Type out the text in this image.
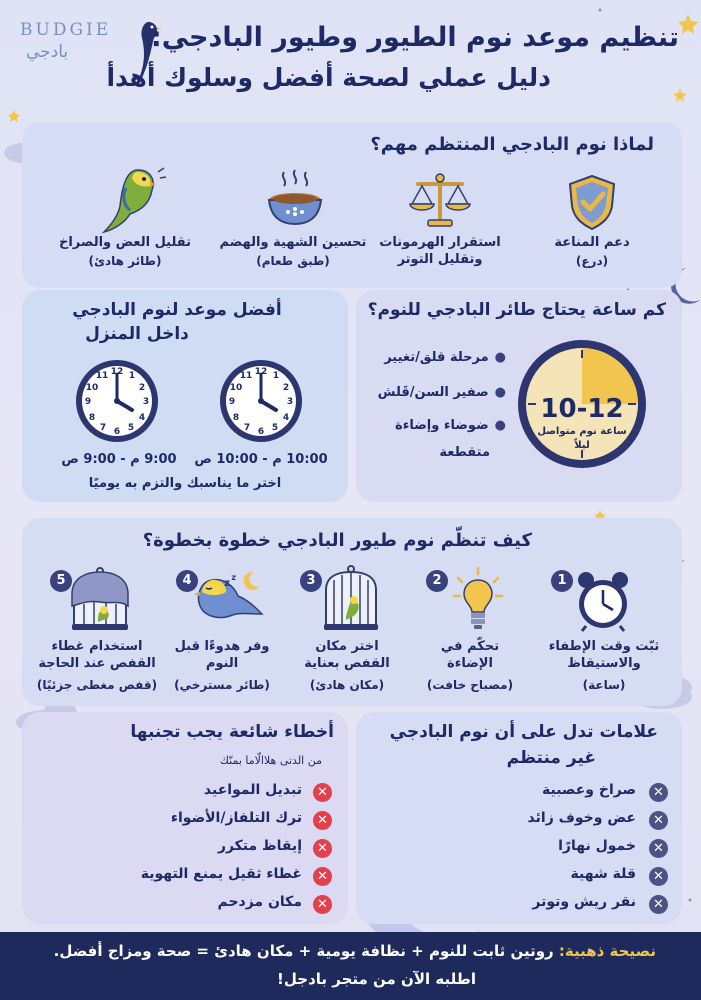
BUDGIE
بادجي	تنظيم موعد نوم الطيور وطيور البادجي:
دليل عملي لصحة أفضل وسلوك أهدأ
لماذا نوم البادجي المنتظم مهم؟
دعم المناعة
(درع)
استقرار الهرمونات وتقليل التوتر
تحسين الشهية والهضم
(طبق طعام)
تقليل العض والصراخ
(طائر هادئ)
كم ساعة يحتاج طائر البادجي للنوم؟
●مرحلة قلق/تغيير
●صفير السن/قَلش
●ضوضاء وإضاءة
متقطعة
10-12
ساعة نوم متواصل
ليلاً
أفضل موعد لنوم البادجي
داخل المنزل
12
3
6
9
1
2
4
5
7
8
10
11
12
3
6
9
1
2
4
5
7
8
10
11
10:00 م - 10:00 ص
9:00 م - 9:00 ص
اختر ما يناسبك والتزم به يوميًا
كيف تنظّم نوم طيور البادجي خطوة بخطوة؟
1
ثبّت وقت الإطفاء والاستيقاظ
(ساعة)
2
تحكّم في الإضاءة
(مصباح خافت)
3
اختر مكان القفص بعناية
(مكان هادئ)
4	z
z
وفر هدوءًا قبل النوم
(طائر مسترخي)
5
استخدام غطاء القفص عند الحاجة
(قفص مغطى جزئيًا)
علامات تدل على أن نوم البادجي
غير منتظم
صراخ وعصبية	✕
عض وخوف زائد	✕
خمول نهارًا	✕
قلة شهية	✕
نقر ريش وتوتر	✕
أخطاء شائعة يجب تجنبها
من الدتى هلاالّاما بمنّك
تبديل المواعيد	✕
ترك التلفاز/الأضواء	✕
إيقاظ متكرر	✕
غطاء ثقيل يمنع التهوية	✕
مكان مزدحم	✕
نصيحة ذهبية: روتين ثابت للنوم + نظافة يومية + مكان هادئ = صحة ومزاج أفضل.
اطلبه الآن من متجر بادجل!
